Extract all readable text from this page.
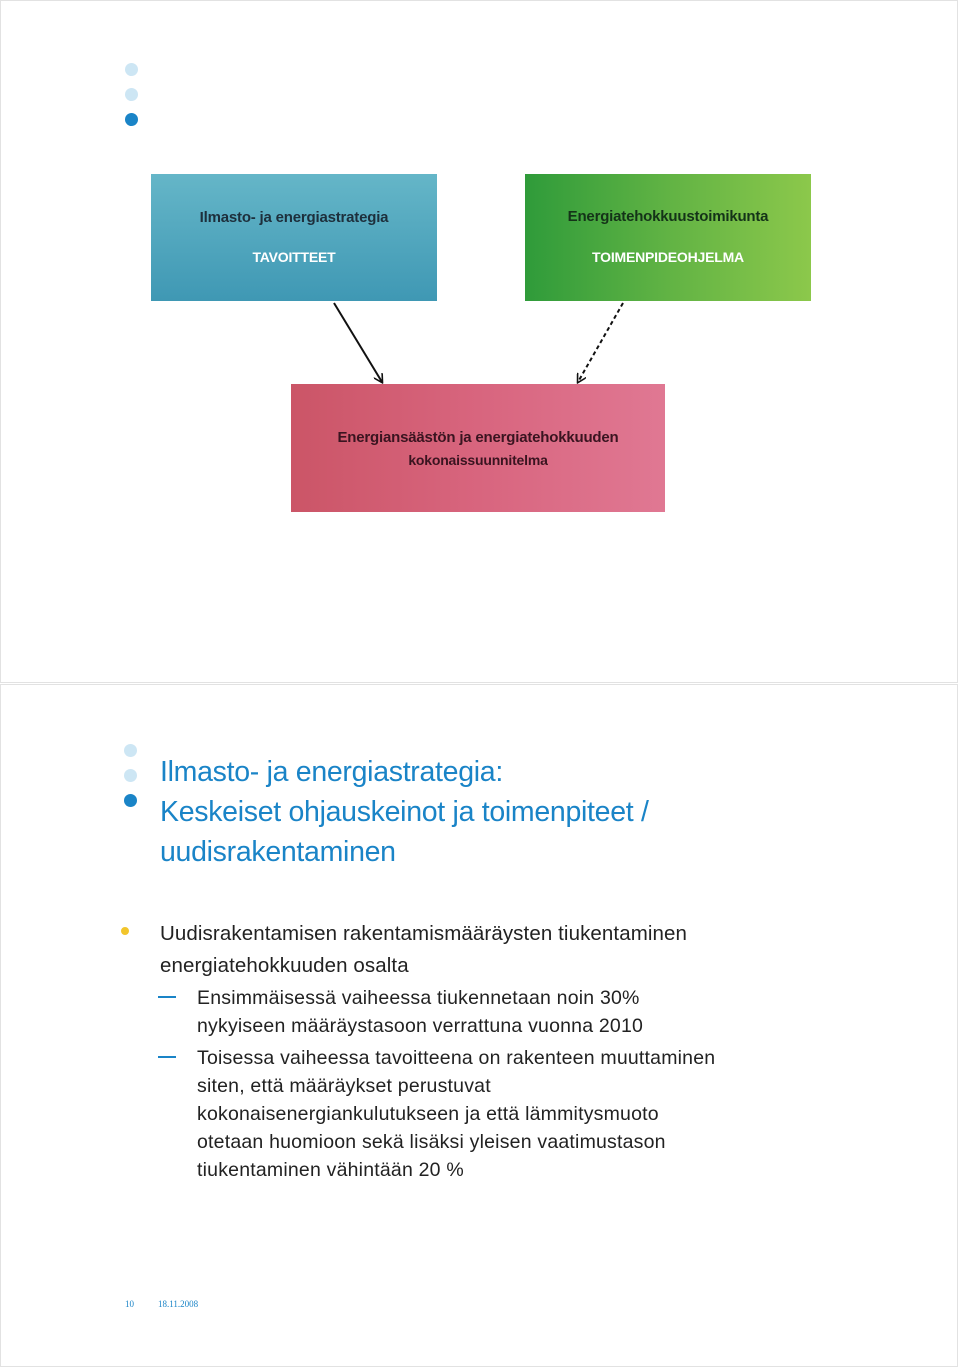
Ilmasto- ja energiastrategia
TAVOITTEET
Energiatehokkuustoimikunta
TOIMENPIDEOHJELMA
Energiansäästön ja energiatehokkuuden
kokonaissuunnitelma
Ilmasto- ja energiastrategia:
Keskeiset ohjauskeinot ja toimenpiteet /
uudisrakentaminen
Uudisrakentamisen rakentamismääräysten tiukentaminen
energiatehokkuuden osalta
Ensimmäisessä vaiheessa tiukennetaan noin 30%
nykyiseen määräystasoon verrattuna vuonna 2010
Toisessa vaiheessa tavoitteena on rakenteen muuttaminen
siten, että määräykset perustuvat
kokonaisenergiankulutukseen ja että lämmitysmuoto
otetaan huomioon sekä lisäksi yleisen vaatimustason
tiukentaminen vähintään 20 %
10	18.11.2008
